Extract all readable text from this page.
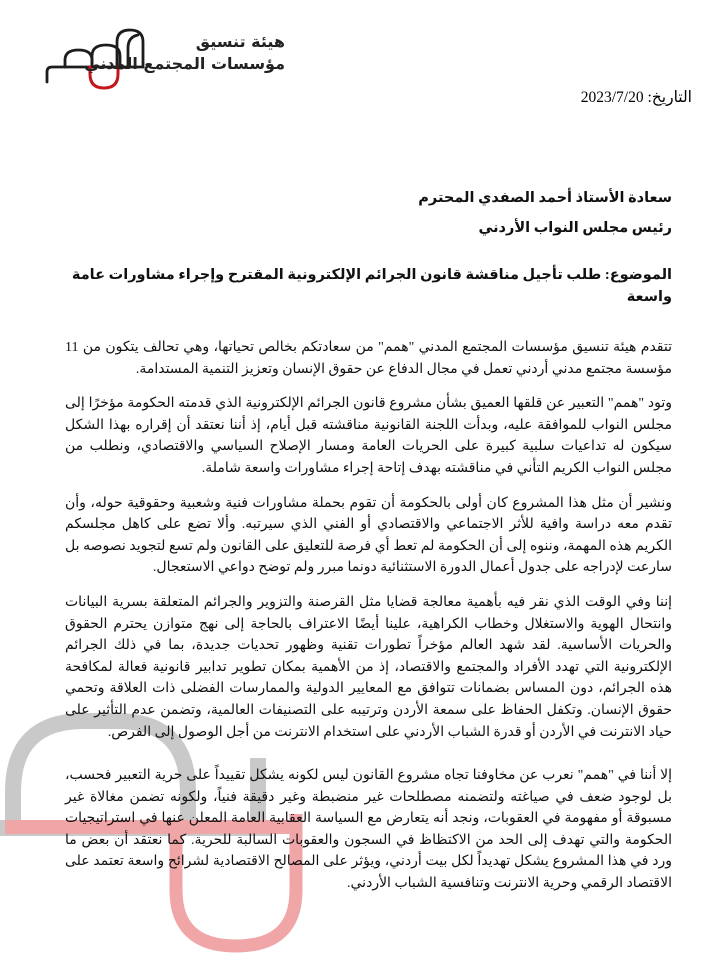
هيئة تنسيق
مؤسسات المجتمع المدني
التاريخ: 2023/7/20
سعادة الأستاذ أحمد الصفدي المحترم
رئيس مجلس النواب الأردني
الموضوع: طلب تأجيل مناقشة قانون الجرائم الإلكترونية المقترح وإجراء مشاورات عامة واسعة

تتقدم هيئة تنسيق مؤسسات المجتمع المدني "همم" من سعادتكم بخالص تحياتها، وهي تحالف يتكون من 11 مؤسسة مجتمع مدني أردني تعمل في مجال الدفاع عن حقوق الإنسان وتعزيز التنمية المستدامة.

وتود "همم" التعبير عن قلقها العميق بشأن مشروع قانون الجرائم الإلكترونية الذي قدمته الحكومة مؤخرًا إلى مجلس النواب للموافقة عليه، وبدأت اللجنة القانونية مناقشته قبل أيام، إذ أننا نعتقد أن إقراره بهذا الشكل سيكون له تداعيات سلبية كبيرة على الحريات العامة ومسار الإصلاح السياسي والاقتصادي، ونطلب من مجلس النواب الكريم التأني في مناقشته بهدف إتاحة إجراء مشاورات واسعة شاملة.

ونشير أن مثل هذا المشروع كان أولى بالحكومة أن تقوم بحملة مشاورات فنية وشعبية وحقوقية حوله، وأن تقدم معه دراسة وافية للأثر الاجتماعي والاقتصادي أو الفني الذي سيرتبه. وألا تضع على كاهل مجلسكم الكريم هذه المهمة، وننوه إلى أن الحكومة لم تعط أي فرصة للتعليق على القانون ولم تسع لتجويد نصوصه بل سارعت لإدراجه على جدول أعمال الدورة الاستثنائية دونما مبرر ولم توضح دواعي الاستعجال.

إننا وفي الوقت الذي نقر فيه بأهمية معالجة قضايا مثل القرصنة والتزوير والجرائم المتعلقة بسرية البيانات وانتحال الهوية والاستغلال وخطاب الكراهية، علينا أيضًا الاعتراف بالحاجة إلى نهج متوازن يحترم الحقوق والحريات الأساسية. لقد شهد العالم مؤخراً تطورات تقنية وظهور تحديات جديدة، بما في ذلك الجرائم الإلكترونية التي تهدد الأفراد والمجتمع والاقتصاد، إذ من الأهمية بمكان تطوير تدابير قانونية فعالة لمكافحة هذه الجرائم، دون المساس بضمانات تتوافق مع المعايير الدولية والممارسات الفضلى ذات العلاقة وتحمي حقوق الإنسان. وتكفل الحفاظ على سمعة الأردن وترتيبه على التصنيفات العالمية، وتضمن عدم التأثير على حياد الانترنت في الأردن أو قدرة الشباب الأردني على استخدام الانترنت من أجل الوصول إلى الفرص.

إلا أننا في "همم" نعرب عن مخاوفنا تجاه مشروع القانون ليس لكونه يشكل تقييداً على حرية التعبير فحسب، بل لوجود ضعف في صياغته ولتضمنه مصطلحات غير منضبطة وغير دقيقة فنياً، ولكونه تضمن مغالاة غير مسبوقة أو مفهومة في العقوبات، ونجد أنه يتعارض مع السياسة العقابية العامة المعلن عنها في استراتيجيات الحكومة والتي تهدف إلى الحد من الاكتظاظ في السجون والعقوبات السالبة للحرية. كما نعتقد أن بعض ما ورد في هذا المشروع يشكل تهديداً لكل بيت أردني، ويؤثر على المصالح الاقتصادية لشرائح واسعة تعتمد على الاقتصاد الرقمي وحرية الانترنت وتنافسية الشباب الأردني.
